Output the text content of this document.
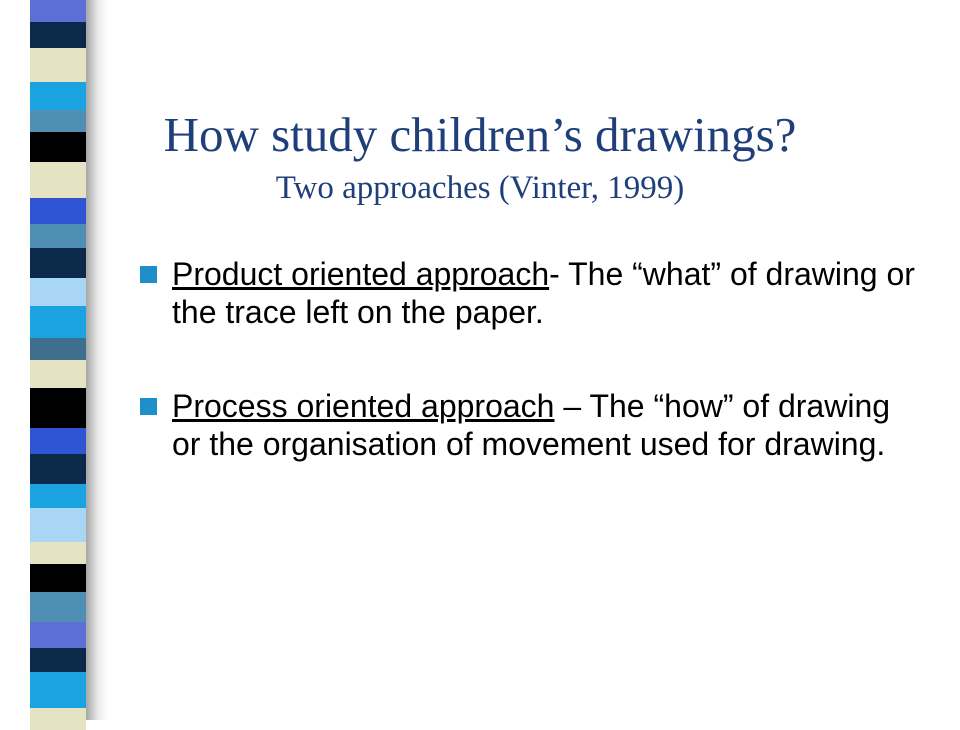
How study children’s drawings?
Two approaches (Vinter, 1999)
Product oriented approach- The “what” of drawing or the trace left on the paper.
Process oriented approach – The “how” of drawing or the organisation of movement used for drawing.
